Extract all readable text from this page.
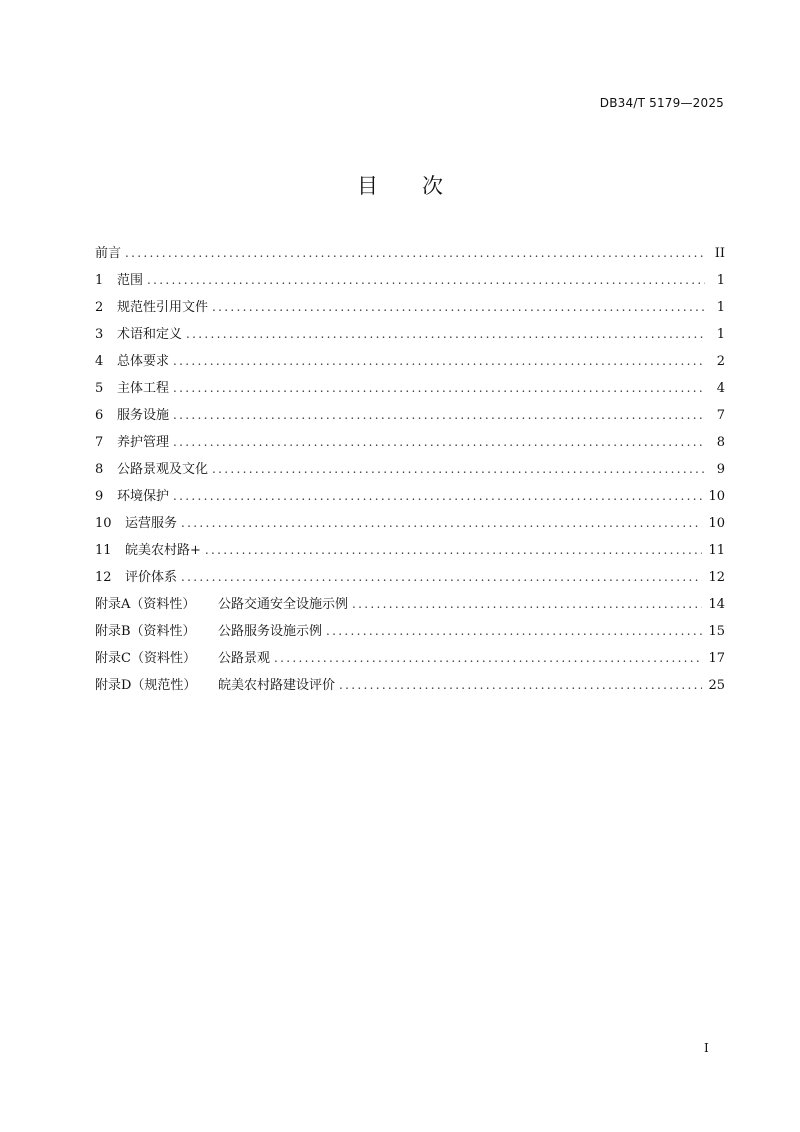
DB34/T 5179—2025
目 次
前言 .....	II
1	范围 .....	1
2	规范性引用文件 .....	1
3	术语和定义 .....	1
4	总体要求 .....	2
5	主体工程 .....	4
6	服务设施 .....	7
7	养护管理 .....	8
8	公路景观及文化 .....	9
9	环境保护 .....	10
10	运营服务 .....	10
11	皖美农村路+ .....	11
12	评价体系 .....	12
附录A（资料性）	公路交通安全设施示例 .....	14
附录B（资料性）	公路服务设施示例 .....	15
附录C（资料性）	公路景观 .....	17
附录D（规范性）	皖美农村路建设评价 .....	25
I
